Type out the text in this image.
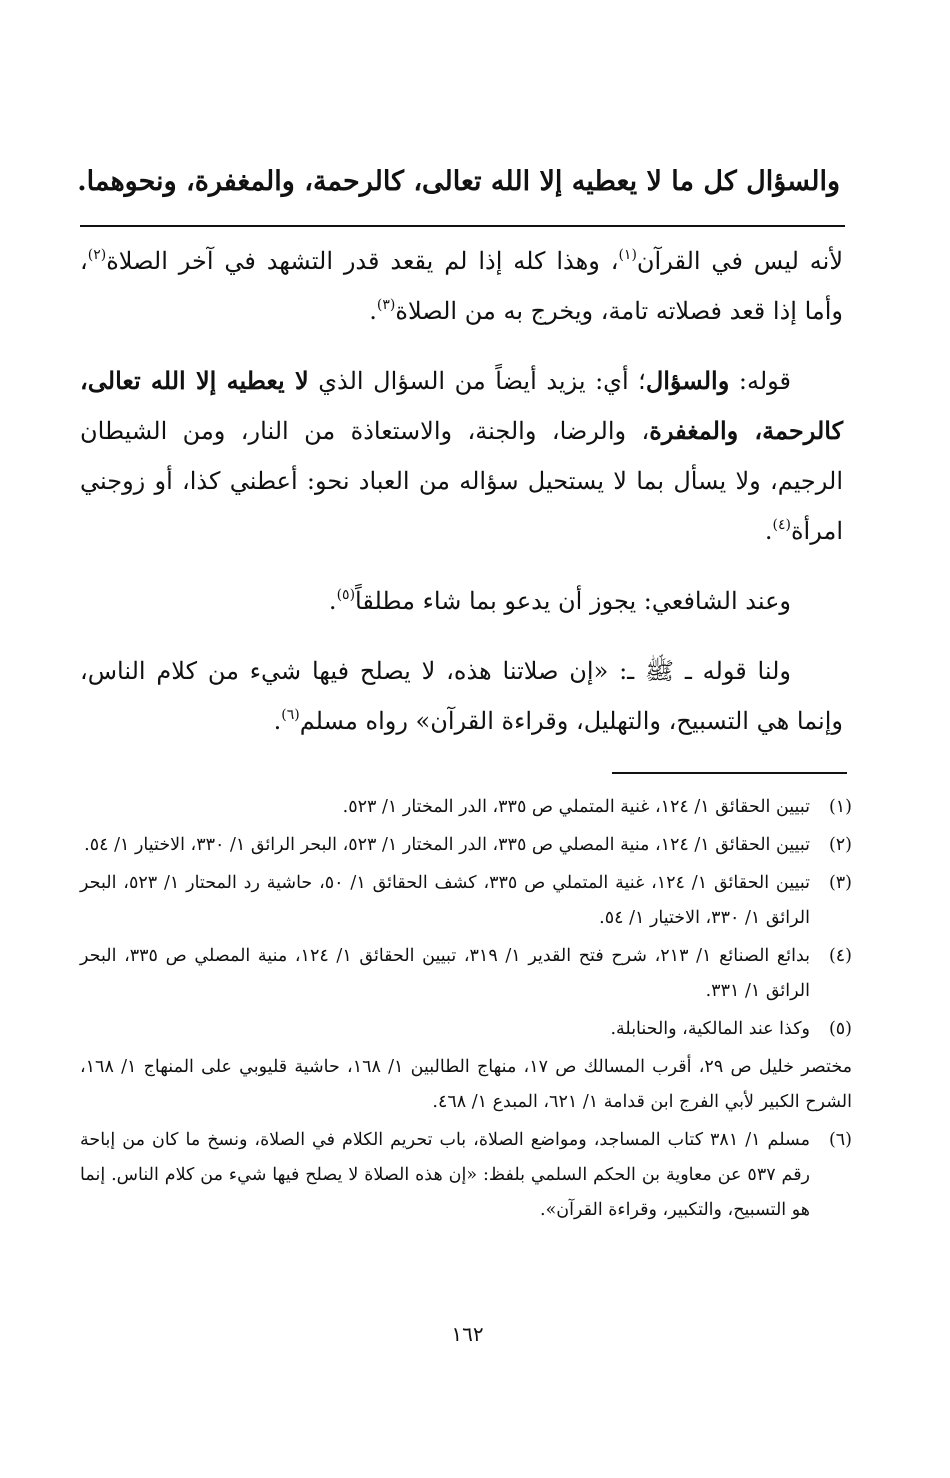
والسؤال كل ما لا يعطيه إلا الله تعالى، كالرحمة، والمغفرة، ونحوهما.

لأنه ليس في القرآن$^{(١)}$، وهذا كله إذا لم يقعد قدر التشهد في آخر الصلاة$^{(٢)}$، وأما إذا قعد فصلاته تامة، ويخرج به من الصلاة$^{(٣)}$.

قوله: والسؤال؛ أي: يزيد أيضاً من السؤال الذي لا يعطيه إلا الله تعالى، كالرحمة، والمغفرة، والرضا، والجنة، والاستعاذة من النار، ومن الشيطان الرجيم، ولا يسأل بما لا يستحيل سؤاله من العباد نحو: أعطني كذا، أو زوجني امرأة$^{(٤)}$.

وعند الشافعي: يجوز أن يدعو بما شاء مطلقاً$^{(٥)}$.

ولنا قوله ـ ﷺ ـ: «إن صلاتنا هذه، لا يصلح فيها شيء من كلام الناس، وإنما هي التسبيح، والتهليل، وقراءة القرآن» رواه مسلم$^{(٦)}$.

(١)
تبيين الحقائق ١/ ١٢٤، غنية المتملي ص ٣٣٥، الدر المختار ١/ ٥٢٣.
(٢)
تبيين الحقائق ١/ ١٢٤، منية المصلي ص ٣٣٥، الدر المختار ١/ ٥٢٣، البحر الرائق ١/ ٣٣٠، الاختيار ١/ ٥٤.
(٣)
تبيين الحقائق ١/ ١٢٤، غنية المتملي ص ٣٣٥، كشف الحقائق ١/ ٥٠، حاشية رد المحتار ١/ ٥٢٣، البحر الرائق ١/ ٣٣٠، الاختيار ١/ ٥٤.
(٤)
بدائع الصنائع ١/ ٢١٣، شرح فتح القدير ١/ ٣١٩، تبيين الحقائق ١/ ١٢٤، منية المصلي ص ٣٣٥، البحر الرائق ١/ ٣٣١.
(٥)
وكذا عند المالكية، والحنابلة.
مختصر خليل ص ٢٩، أقرب المسالك ص ١٧، منهاج الطالبين ١/ ١٦٨، حاشية قليوبي على المنهاج ١/ ١٦٨، الشرح الكبير لأبي الفرج ابن قدامة ١/ ٦٢١، المبدع ١/ ٤٦٨.
(٦)
مسلم ١/ ٣٨١ كتاب المساجد، ومواضع الصلاة، باب تحريم الكلام في الصلاة، ونسخ ما كان من إباحة رقم ٥٣٧ عن معاوية بن الحكم السلمي بلفظ: «إن هذه الصلاة لا يصلح فيها شيء من كلام الناس. إنما هو التسبيح، والتكبير، وقراءة القرآن».
١٦٢
